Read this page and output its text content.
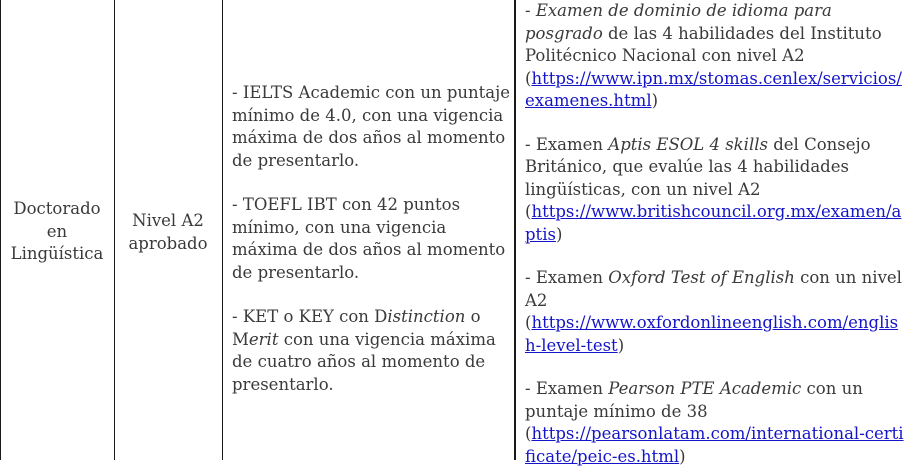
Doctorado
en
Lingüística
Nivel A2
aprobado

- IELTS Academic con un puntaje mínimo de 4.0, con una vigencia máxima de dos años al momento de presentarlo.

- TOEFL IBT con 42 puntos mínimo, con una vigencia máxima de dos años al momento de presentarlo.

- KET o KEY con Distinction o Merit con una vigencia máxima de cuatro años al momento de presentarlo.

- Examen de dominio de idioma para posgrado de las 4 habilidades del Instituto Politécnico Nacional con nivel A2
(https://www.ipn.mx/stomas.cenlex/servicios/examenes.html)

- Examen Aptis ESOL 4 skills del Consejo Británico, que evalúe las 4 habilidades lingüísticas, con un nivel A2
(https://www.britishcouncil.org.mx/examen/aptis)

- Examen Oxford Test of English con un nivel A2
(https://www.oxfordonlineenglish.com/english-level-test)

- Examen Pearson PTE Academic con un puntaje mínimo de 38
(https://pearsonlatam.com/international-certificate/peic-es.html)
